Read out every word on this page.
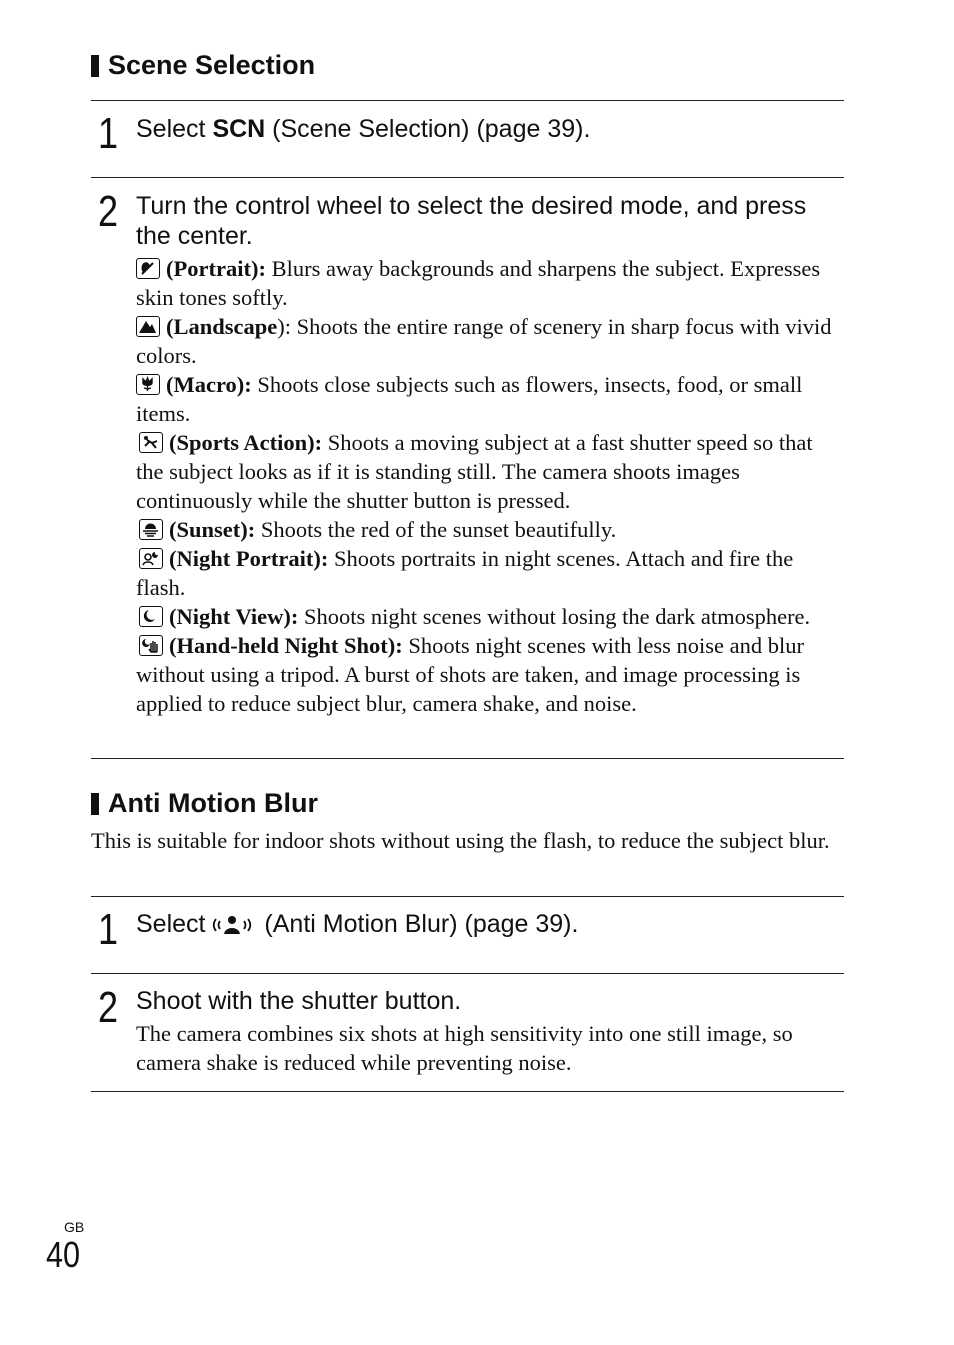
Scene Selection
1 Select SCN (Scene Selection) (page 39).
2 Turn the control wheel to select the desired mode, and press the center.

(Portrait): Blurs away backgrounds and sharpens the subject. Expresses skin tones softly.

(Landscape): Shoots the entire range of scenery in sharp focus with vivid colors.

(Macro): Shoots close subjects such as flowers, insects, food, or small items.

(Sports Action): Shoots a moving subject at a fast shutter speed so that the subject looks as if it is standing still. The camera shoots images continuously while the shutter button is pressed.

(Sunset): Shoots the red of the sunset beautifully.

(Night Portrait): Shoots portraits in night scenes. Attach and fire the flash.

(Night View): Shoots night scenes without losing the dark atmosphere.

(Hand-held Night Shot): Shoots night scenes with less noise and blur without using a tripod. A burst of shots are taken, and image processing is applied to reduce subject blur, camera shake, and noise.

Anti Motion Blur
This is suitable for indoor shots without using the flash, to reduce the subject blur.
1 Select (Anti Motion Blur) (page 39).
2 Shoot with the shutter button.
The camera combines six shots at high sensitivity into one still image, so camera shake is reduced while preventing noise.
GB
40
